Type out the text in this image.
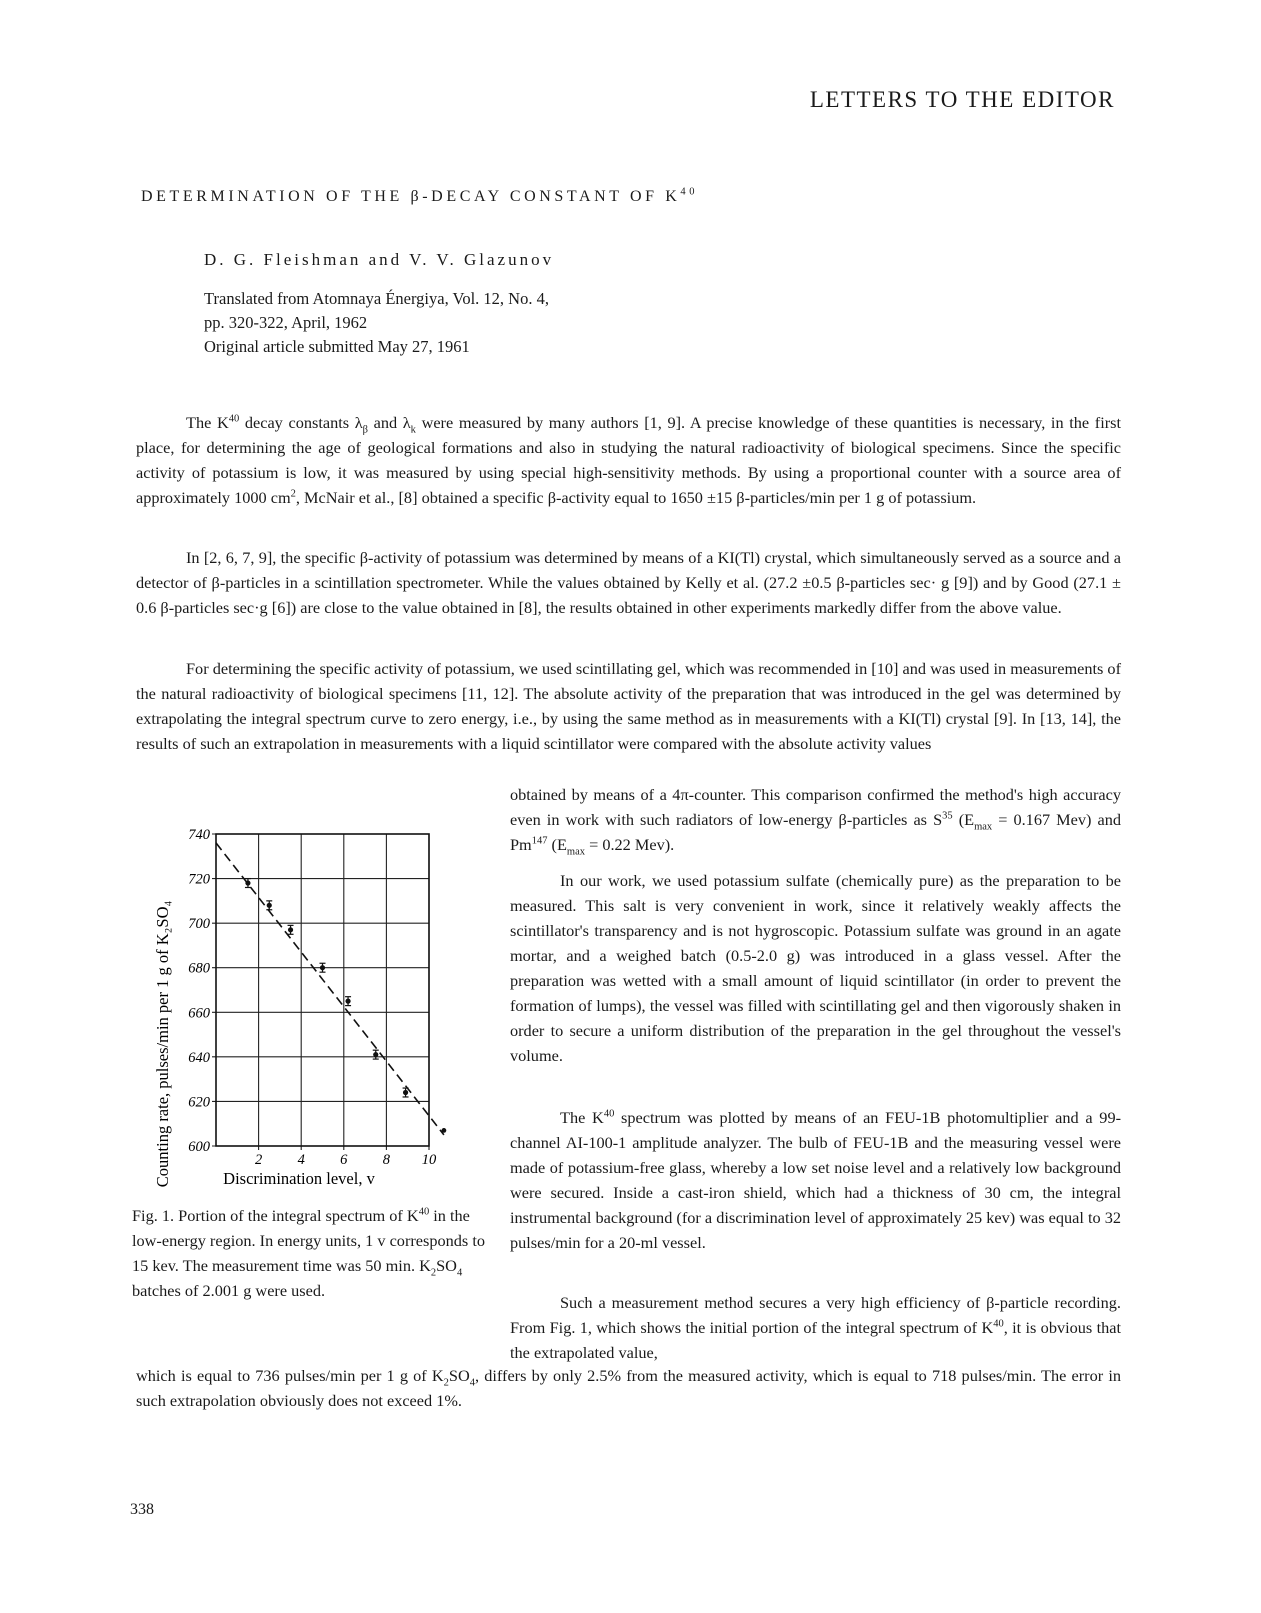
LETTERS TO THE EDITOR
DETERMINATION OF THE β-DECAY CONSTANT OF $K^{40}$
D. G. Fleishman and V. V. Glazunov
Translated from Atomnaya Énergiya, Vol. 12, No. 4,
pp. 320-322, April, 1962
Original article submitted May 27, 1961
The $K^{40}$ decay constants $\lambda_\beta$ and $\lambda_k$ were measured by many authors [1, 9]. A precise knowledge of these quantities is necessary, in the first place, for determining the age of geological formations and also in studying the natural radioactivity of biological specimens. Since the specific activity of potassium is low, it was measured by using special high-sensitivity methods. By using a proportional counter with a source area of approximately 1000 $cm^2$, McNair et al., [8] obtained a specific β-activity equal to 1650 ±15 β-particles/min per 1 g of potassium.
In [2, 6, 7, 9], the specific β-activity of potassium was determined by means of a KI(Tl) crystal, which simultaneously served as a source and a detector of β-particles in a scintillation spectrometer. While the values obtained by Kelly et al. (27.2 ±0.5 β-particles sec· g [9]) and by Good (27.1 ± 0.6 β-particles sec·g [6]) are close to the value obtained in [8], the results obtained in other experiments markedly differ from the above value.
For determining the specific activity of potassium, we used scintillating gel, which was recommended in [10] and was used in measurements of the natural radioactivity of biological specimens [11, 12]. The absolute activity of the preparation that was introduced in the gel was determined by extrapolating the integral spectrum curve to zero energy, i.e., by using the same method as in measurements with a KI(Tl) crystal [9]. In [13, 14], the results of such an extrapolation in measurements with a liquid scintillator were compared with the absolute activity values
obtained by means of a 4π-counter. This comparison confirmed the method's high accuracy even in work with such radiators of low-energy β-particles as $S^{35}$ ($E_{max} = 0.167$ Mev) and Pm$^{147}$ ($E_{max} = 0.22$ Mev).
In our work, we used potassium sulfate (chemically pure) as the preparation to be measured. This salt is very convenient in work, since it relatively weakly affects the scintillator's transparency and is not hygroscopic. Potassium sulfate was ground in an agate mortar, and a weighed batch (0.5-2.0 g) was introduced in a glass vessel. After the preparation was wetted with a small amount of liquid scintillator (in order to prevent the formation of lumps), the vessel was filled with scintillating gel and then vigorously shaken in order to secure a uniform distribution of the preparation in the gel throughout the vessel's volume.
The $K^{40}$ spectrum was plotted by means of an FEU-1B photomultiplier and a 99-channel AI-100-1 amplitude analyzer. The bulb of FEU-1B and the measuring vessel were made of potassium-free glass, whereby a low set noise level and a relatively low background were secured. Inside a cast-iron shield, which had a thickness of 30 cm, the integral instrumental background (for a discrimination level of approximately 25 kev) was equal to 32 pulses/min for a 20-ml vessel.
Such a measurement method secures a very high efficiency of β-particle recording. From Fig. 1, which shows the initial portion of the integral spectrum of $K^{40}$, it is obvious that the extrapolated value,
which is equal to 736 pulses/min per 1 g of $K_2SO_4$, differs by only 2.5% from the measured activity, which is equal to 718 pulses/min. The error in such extrapolation obviously does not exceed 1%.
600
620
640
660
680
700
720
740
2 4 6 8 10
Counting rate, pulses/min per 1 g of K₂SO₄	Discrimination level, v
Fig. 1. Portion of the integral spectrum of $K^{40}$ in the low-energy region. In energy units, 1 v corresponds to 15 kev. The measurement time was 50 min. $K_2SO_4$ batches of 2.001 g were used.
338
